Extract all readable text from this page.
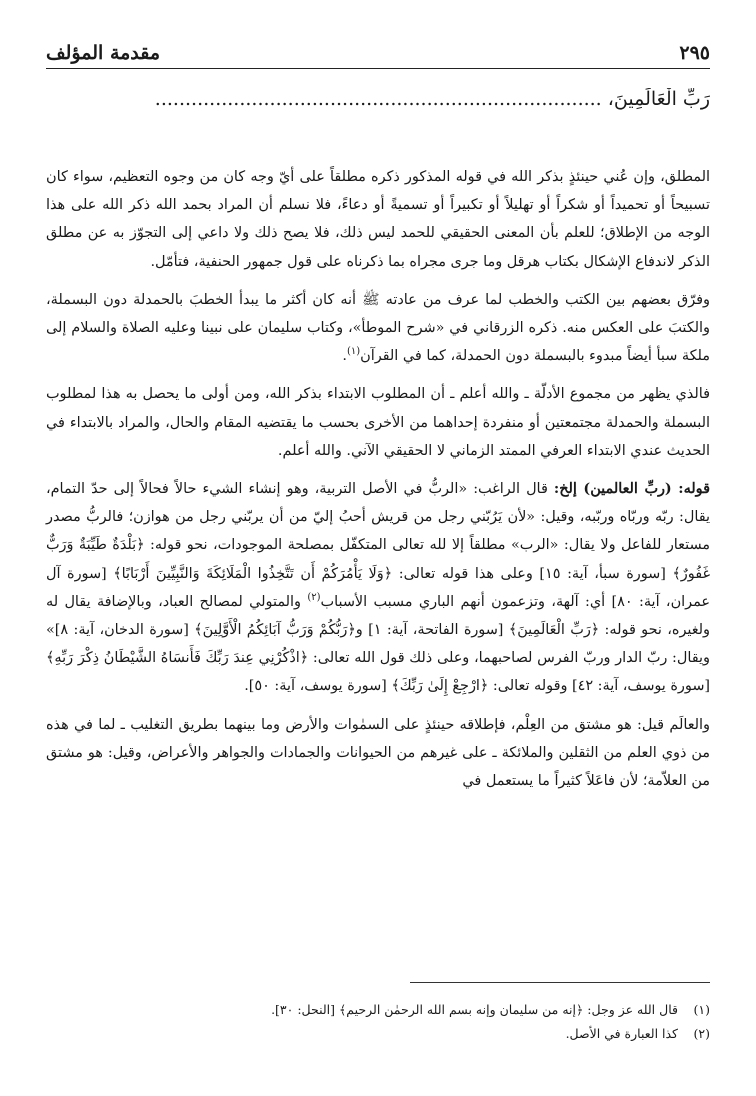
مقدمة المؤلف	٢٩٥
رَبِّ الْعَالَمِينَ، ..........................................................................

المطلق، وإن عُني حينئذٍ بذكر الله في قوله المذكور ذكره مطلقاً على أيّ وجه كان من وجوه التعظيم، سواء كان تسبيحاً أو تحميداً أو شكراً أو تهليلاً أو تكبيراً أو تسميةً أو دعاءً، فلا نسلم أن المراد بحمد الله ذكر الله على هذا الوجه من الإطلاق؛ للعلم بأن المعنى الحقيقي للحمد ليس ذلك، فلا يصح ذلك ولا داعي إلى التجوّز به عن مطلق الذكر لاندفاع الإشكال بكتاب هرقل وما جرى مجراه بما ذكرناه على قول جمهور الحنفية، فتأمّل.

وفرّق بعضهم بين الكتب والخطب لما عرف من عادته ﷺ أنه كان أكثر ما يبدأ الخطبَ بالحمدلة دون البسملة، والكتبَ على العكس منه. ذكره الزرقاني في «شرح الموطأ»، وكتاب سليمان على نبينا وعليه الصلاة والسلام إلى ملكة سبأ أيضاً مبدوء بالبسملة دون الحمدلة، كما في القرآن$^{(١)}$.

فالذي يظهر من مجموع الأدلّة ـ والله أعلم ـ أن المطلوب الابتداء بذكر الله، ومن أولى ما يحصل به هذا لمطلوب البسملة والحمدلة مجتمعتين أو منفردة إحداهما من الأخرى بحسب ما يقتضيه المقام والحال، والمراد بالابتداء في الحديث عندي الابتداء العرفي الممتد الزماني لا الحقيقي الآني. والله أعلم.

قوله: (ربِّ العالمين) إلخ: قال الراغب: «الربُّ في الأصل التربية، وهو إنشاء الشيء حالاً فحالاً إلى حدّ التمام، يقال: ربّه وربّاه وربّبه، وقيل: «لأن يَرُبّني رجل من قريش أحبُ إليّ من أن يربّني رجل من هوازن؛ فالربُّ مصدر مستعار للفاعل ولا يقال: «الرب» مطلقاً إلا لله تعالى المتكفّل بمصلحة الموجودات، نحو قوله: ﴿بَلْدَةٌ طَيِّبَةٌ وَرَبٌّ غَفُورٌ﴾ [سورة سبأ، آية: ١٥] وعلى هذا قوله تعالى: ﴿وَلَا يَأْمُرَكُمْ أَن تَتَّخِذُوا الْمَلَائِكَةَ وَالنَّبِيِّينَ أَرْبَابًا﴾ [سورة آل عمران، آية: ٨٠] أي: آلهة، وتزعمون أنهم الباري مسبب الأسباب$^{(٢)}$ والمتولي لمصالح العباد، وبالإضافة يقال له ولغيره، نحو قوله: ﴿رَبِّ الْعَالَمِينَ﴾ [سورة الفاتحة، آية: ١] و﴿رَبُّكُمْ وَرَبُّ آبَائِكُمُ الْأَوَّلِينَ﴾ [سورة الدخان، آية: ٨]» ويقال: ربّ الدار وربّ الفرس لصاحبهما، وعلى ذلك قول الله تعالى: ﴿اذْكُرْنِي عِندَ رَبِّكَ فَأَنسَاهُ الشَّيْطَانُ ذِكْرَ رَبِّهِ﴾ [سورة يوسف، آية: ٤٢] وقوله تعالى: ﴿ارْجِعْ إِلَىٰ رَبِّكَ﴾ [سورة يوسف، آية: ٥٠].

والعالَم قيل: هو مشتق من العِلْم، فإطلاقه حينئذٍ على السمٰوات والأرض وما بينهما بطريق التغليب ـ لما في هذه من ذوي العلم من الثقلين والملائكة ـ على غيرهم من الحيوانات والجمادات والجواهر والأعراض، وقيل: هو مشتق من العلاّمة؛ لأن فاعَلاً كثيراً ما يستعمل في

(١)
قال الله عز وجل: ﴿إنه من سليمان وإنه بسم الله الرحمٰن الرحيم﴾ [النحل: ٣٠].
(٢)
كذا العبارة في الأصل.
